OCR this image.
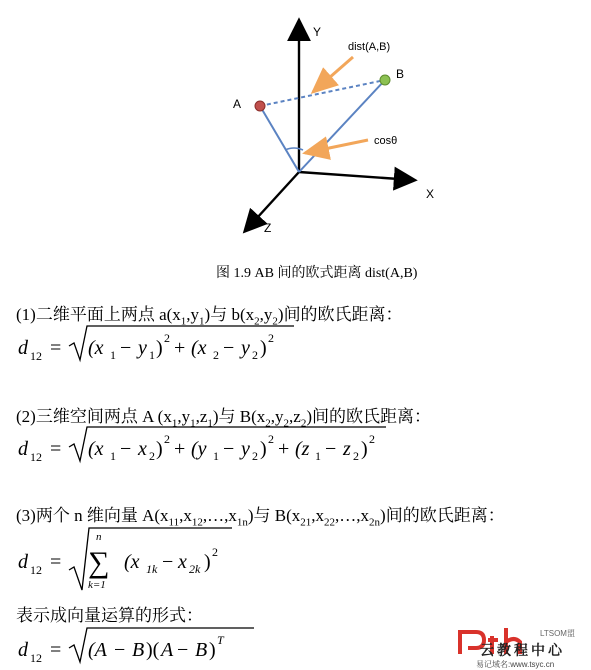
Y
X
Z
A
B
dist(A,B)
cosθ
图 1.9 AB 间的欧式距离 dist(A,B)
(1)二维平面上两点 $a(x_1,y_1)$与 $b(x_2,y_2)$间的欧氏距离：
d 12 = (x 1 − y 1 ) 2 + (x 2 − y 2 ) 2
(2)三维空间两点 A $(x_1,y_1,z_1)$与 $B(x_2,y_2,z_2)$间的欧氏距离：
d 12 = (x 1 − x 2 ) 2 + (y 1 − y 2 ) 2 + (z 1 − z 2 ) 2
(3)两个 n 维向量 $A(x_{11},x_{12},\dots,x_{1n})$与 $B(x_{21},x_{22},\dots,x_{2n})$间的欧氏距离：
d 12 =
n
∑
k=1
(x 1k − x 2k ) 2
表示成向量运算的形式：
d 12 = (A − B )( A − B ) T	LTSOM盟
云教程中心
易记域名:www.tsyc.cn
